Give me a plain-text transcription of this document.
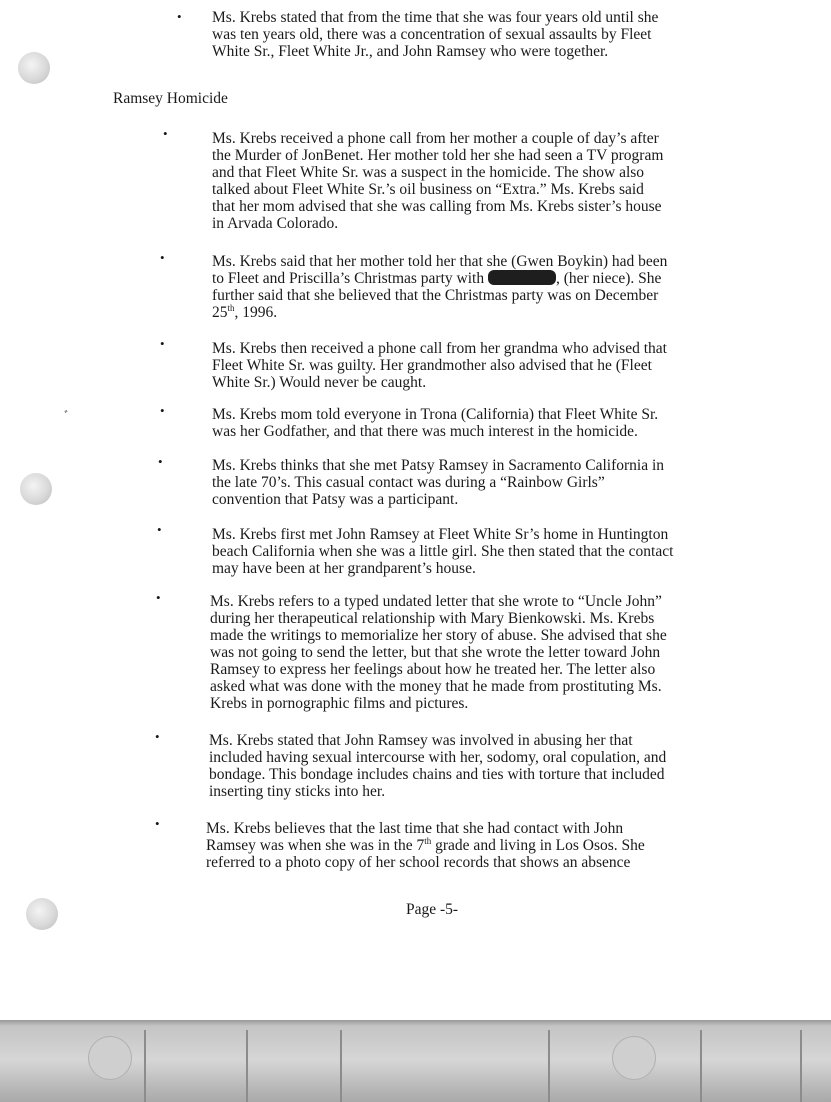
ﾞ
• Ms. Krebs stated that from the time that she was four years old until she
was ten years old, there was a concentration of sexual assaults by Fleet
White Sr., Fleet White Jr., and John Ramsey who were together.
Ramsey Homicide
•	Ms. Krebs received a phone call from her mother a couple of day’s after
the Murder of JonBenet. Her mother told her she had seen a TV program
and that Fleet White Sr. was a suspect in the homicide. The show also
talked about Fleet White Sr.’s oil business on “Extra.” Ms. Krebs said
that her mom advised that she was calling from Ms. Krebs sister’s house
in Arvada Colorado.
•	Ms. Krebs said that her mother told her that she (Gwen Boykin) had been
to Fleet and Priscilla’s Christmas party with	, (her niece). She
further said that she believed that the Christmas party was on December
25th, 1996.
•	Ms. Krebs then received a phone call from her grandma who advised that
Fleet White Sr. was guilty. Her grandmother also advised that he (Fleet
White Sr.) Would never be caught.
•	Ms. Krebs mom told everyone in Trona (California) that Fleet White Sr.
was her Godfather, and that there was much interest in the homicide.
•	Ms. Krebs thinks that she met Patsy Ramsey in Sacramento California in
the late 70’s. This casual contact was during a “Rainbow Girls”
convention that Patsy was a participant.
•	Ms. Krebs first met John Ramsey at Fleet White Sr’s home in Huntington
beach California when she was a little girl. She then stated that the contact
may have been at her grandparent’s house.
•	Ms. Krebs refers to a typed undated letter that she wrote to “Uncle John”
during her therapeutical relationship with Mary Bienkowski. Ms. Krebs
made the writings to memorialize her story of abuse. She advised that she
was not going to send the letter, but that she wrote the letter toward John
Ramsey to express her feelings about how he treated her. The letter also
asked what was done with the money that he made from prostituting Ms.
Krebs in pornographic films and pictures.
•	Ms. Krebs stated that John Ramsey was involved in abusing her that
included having sexual intercourse with her, sodomy, oral copulation, and
bondage. This bondage includes chains and ties with torture that included
inserting tiny sticks into her.
•	Ms. Krebs believes that the last time that she had contact with John
Ramsey was when she was in the 7th grade and living in Los Osos. She
referred to a photo copy of her school records that shows an absence
Page -5-
